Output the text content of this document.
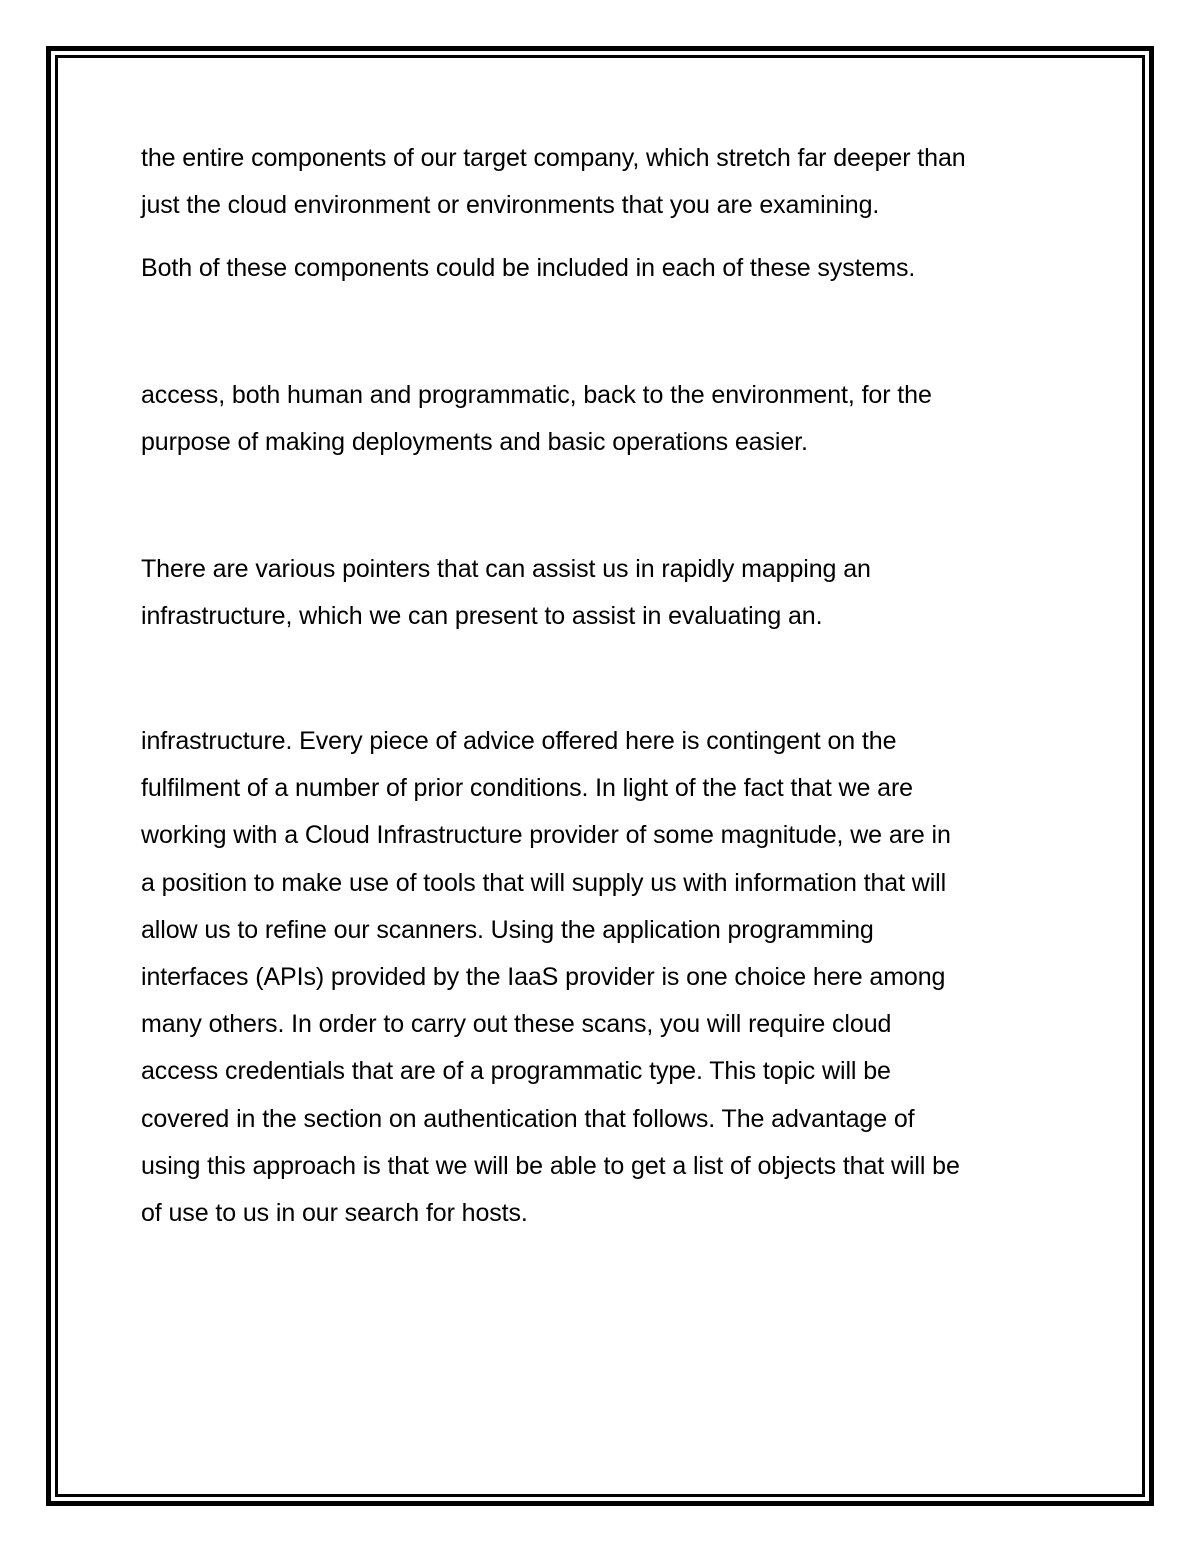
the entire components of our target company, which stretch far deeper than
just the cloud environment or environments that you are examining.

Both of these components could be included in each of these systems.

access, both human and programmatic, back to the environment, for the
purpose of making deployments and basic operations easier.

There are various pointers that can assist us in rapidly mapping an
infrastructure, which we can present to assist in evaluating an.

infrastructure. Every piece of advice offered here is contingent on the
fulfilment of a number of prior conditions. In light of the fact that we are
working with a Cloud Infrastructure provider of some magnitude, we are in
a position to make use of tools that will supply us with information that will
allow us to refine our scanners. Using the application programming
interfaces (APIs) provided by the IaaS provider is one choice here among
many others. In order to carry out these scans, you will require cloud
access credentials that are of a programmatic type. This topic will be
covered in the section on authentication that follows. The advantage of
using this approach is that we will be able to get a list of objects that will be
of use to us in our search for hosts.
